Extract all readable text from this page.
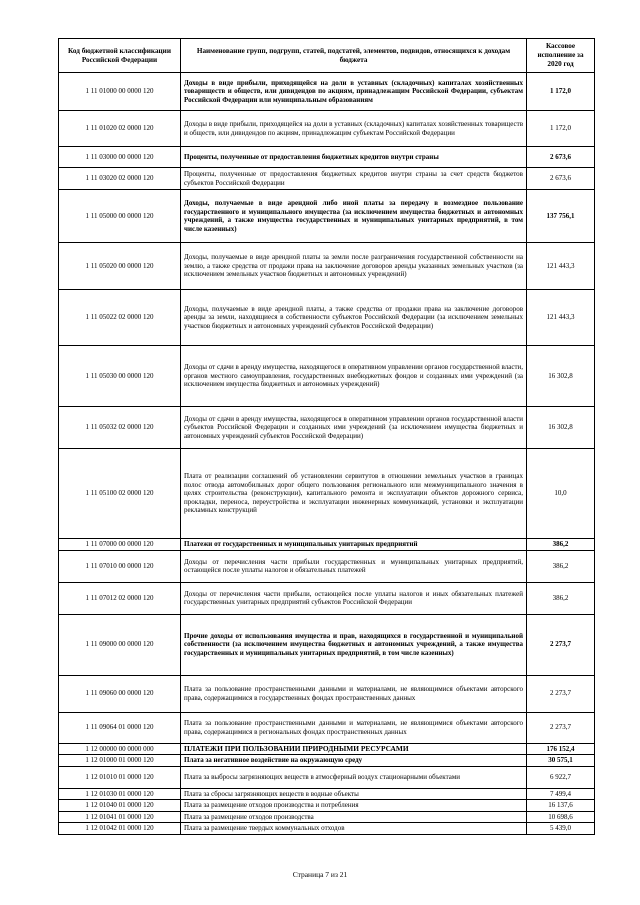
Код бюджетной классификации Российской Федерации	Наименование групп, подгрупп, статей, подстатей, элементов, подвидов, относящихся к доходам бюджета	Кассовое исполнение за 2020 год
1 11 01000 00 0000 120	Доходы в виде прибыли, приходящейся на доли в уставных (складочных) капиталах хозяйственных товариществ и обществ, или дивидендов по акциям, принадлежащим Российской Федерации, субъектам Российской Федерации или муниципальным образованиям	1 172,0
1 11 01020 02 0000 120	Доходы в виде прибыли, приходящейся на доли в уставных (складочных) капиталах хозяйственных товариществ и обществ, или дивидендов по акциям, принадлежащим субъектам Российской Федерации	1 172,0
1 11 03000 00 0000 120	Проценты, полученные от предоставления бюджетных кредитов внутри страны	2 673,6
1 11 03020 02 0000 120	Проценты, полученные от предоставления бюджетных кредитов внутри страны за счет средств бюджетов субъектов Российской Федерации	2 673,6
1 11 05000 00 0000 120	Доходы, получаемые в виде арендной либо иной платы за передачу в возмездное пользование государственного и муниципального имущества (за исключением имущества бюджетных и автономных учреждений, а также имущества государственных и муниципальных унитарных предприятий, в том числе казенных)	137 756,1
1 11 05020 00 0000 120	Доходы, получаемые в виде арендной платы за земли после разграничения государственной собственности на землю, а также средства от продажи права на заключение договоров аренды указанных земельных участков (за исключением земельных участков бюджетных и автономных учреждений)	121 443,3
1 11 05022 02 0000 120	Доходы, получаемые в виде арендной платы, а также средства от продажи права на заключение договоров аренды за земли, находящиеся в собственности субъектов Российской Федерации (за исключением земельных участков бюджетных и автономных учреждений субъектов Российской Федерации)	121 443,3
1 11 05030 00 0000 120	Доходы от сдачи в аренду имущества, находящегося в оперативном управлении органов государственной власти, органов местного самоуправления, государственных внебюджетных фондов и созданных ими учреждений (за исключением имущества бюджетных и автономных учреждений)	16 302,8
1 11 05032 02 0000 120	Доходы от сдачи в аренду имущества, находящегося в оперативном управлении органов государственной власти субъектов Российской Федерации и созданных ими учреждений (за исключением имущества бюджетных и автономных учреждений субъектов Российской Федерации)	16 302,8
1 11 05100 02 0000 120	Плата от реализации соглашений об установлении сервитутов в отношении земельных участков в границах полос отвода автомобильных дорог общего пользования регионального или межмуниципального значения в целях строительства (реконструкции), капитального ремонта и эксплуатации объектов дорожного сервиса, прокладки, переноса, переустройства и эксплуатации инженерных коммуникаций, установки и эксплуатации рекламных конструкций	10,0
1 11 07000 00 0000 120	Платежи от государственных и муниципальных унитарных предприятий	386,2
1 11 07010 00 0000 120	Доходы от перечисления части прибыли государственных и муниципальных унитарных предприятий, остающейся после уплаты налогов и обязательных платежей	386,2
1 11 07012 02 0000 120	Доходы от перечисления части прибыли, остающейся после уплаты налогов и иных обязательных платежей государственных унитарных предприятий субъектов Российской Федерации	386,2
1 11 09000 00 0000 120	Прочие доходы от использования имущества и прав, находящихся в государственной и муниципальной собственности (за исключением имущества бюджетных и автономных учреждений, а также имущества государственных и муниципальных унитарных предприятий, в том числе казенных)	2 273,7
1 11 09060 00 0000 120	Плата за пользование пространственными данными и материалами, не являющимися объектами авторского права, содержащимися в государственных фондах пространственных данных	2 273,7
1 11 09064 01 0000 120	Плата за пользование пространственными данными и материалами, не являющимися объектами авторского права, содержащимися в региональных фондах пространственных данных	2 273,7
1 12 00000 00 0000 000	ПЛАТЕЖИ ПРИ ПОЛЬЗОВАНИИ ПРИРОДНЫМИ РЕСУРСАМИ	176 152,4
1 12 01000 01 0000 120	Плата за негативное воздействие на окружающую среду	30 575,1
1 12 01010 01 0000 120	Плата за выбросы загрязняющих веществ в атмосферный воздух стационарными объектами	6 922,7
1 12 01030 01 0000 120	Плата за сбросы загрязняющих веществ в водные объекты	7 499,4
1 12 01040 01 0000 120	Плата за размещение отходов производства и потребления	16 137,6
1 12 01041 01 0000 120	Плата за размещение отходов производства	10 698,6
1 12 01042 01 0000 120	Плата за размещение твердых коммунальных отходов	5 439,0
Страница 7 из 21
